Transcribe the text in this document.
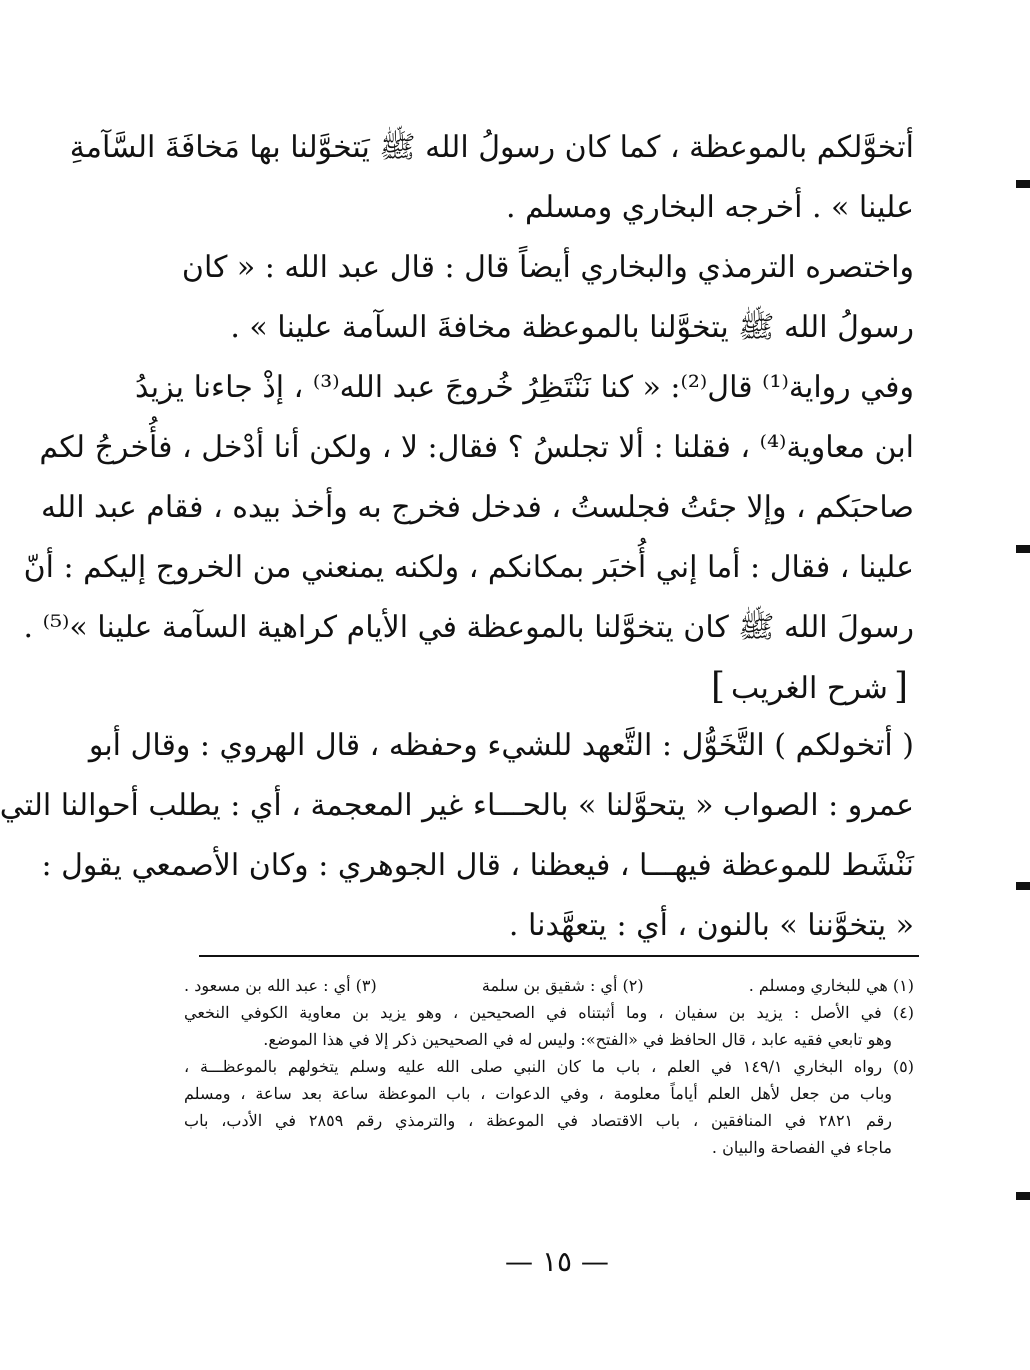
أتخوَّلكم بالموعظة ، كما كان رسولُ الله ﷺ يَتخوَّلنا بها مَخافَةَ السَّآمةِ
علينا » . أخرجه البخاري ومسلم .
واختصره الترمذي والبخاري أيضاً قال : قال عبد الله : « كان
رسولُ الله ﷺ يتخوَّلنا بالموعظة مخافةَ السآمة علينا » .
وفي رواية⁽¹⁾ قال⁽²⁾: « كنا نَنْتَظِرُ خُروجَ عبد الله⁽³⁾ ، إذْ جاءنا يزيدُ
ابن معاوية⁽⁴⁾ ، فقلنا : ألا تجلسُ ؟ فقال: لا ، ولكن أنا أدْخل ، فأُخرجُ لكم
صاحبَكم ، وإلا جئتُ فجلستُ ، فدخل فخرج به وأخذ بيده ، فقام عبد الله
علينا ، فقال : أما إني أُخبَر بمكانكم ، ولكنه يمنعني من الخروج إليكم : أنّ
رسولَ الله ﷺ كان يتخوَّلنا بالموعظة في الأيام كراهية السآمة علينا »⁽⁵⁾ .
[شرح الغريب]
( أتخولكم ) التَّخَوُّل : التَّعهد للشيء وحفظه ، قال الهروي : وقال أبو
عمرو : الصواب « يتحوَّلنا » بالحـــاء غير المعجمة ، أي : يطلب أحوالنا التي
نَنْشَط للموعظة فيهـــا ، فيعظنا ، قال الجوهري : وكان الأصمعي يقول :
« يتخوَّننا » بالنون ، أي : يتعهَّدنا .
(١) هي للبخاري ومسلم .
(٢) أي : شقيق بن سلمة
(٣) أي : عبد الله بن مسعود .
(٤) في الأصل : يزيد بن سفيان ، وما أثبتناه في الصحيحين ، وهو يزيد بن معاوية الكوفي النخعي
وهو تابعي فقيه عابد ، قال الحافظ في «الفتح»: وليس له في الصحيحين ذكر إلا في هذا الموضع.
(٥) رواه البخاري ١٤٩/١ في العلم ، باب ما كان النبي صلى الله عليه وسلم يتخولهم بالموعظـــة ،
وباب من جعل لأهل العلم أياماً معلومة ، وفي الدعوات ، باب الموعظة ساعة بعد ساعة ، ومسلم
رقم ٢٨٢١ في المنافقين ، باب الاقتصاد في الموعظة ، والترمذي رقم ٢٨٥٩ في الأدب، باب
ماجاء في الفصاحة والبيان .
— ١٥ —
